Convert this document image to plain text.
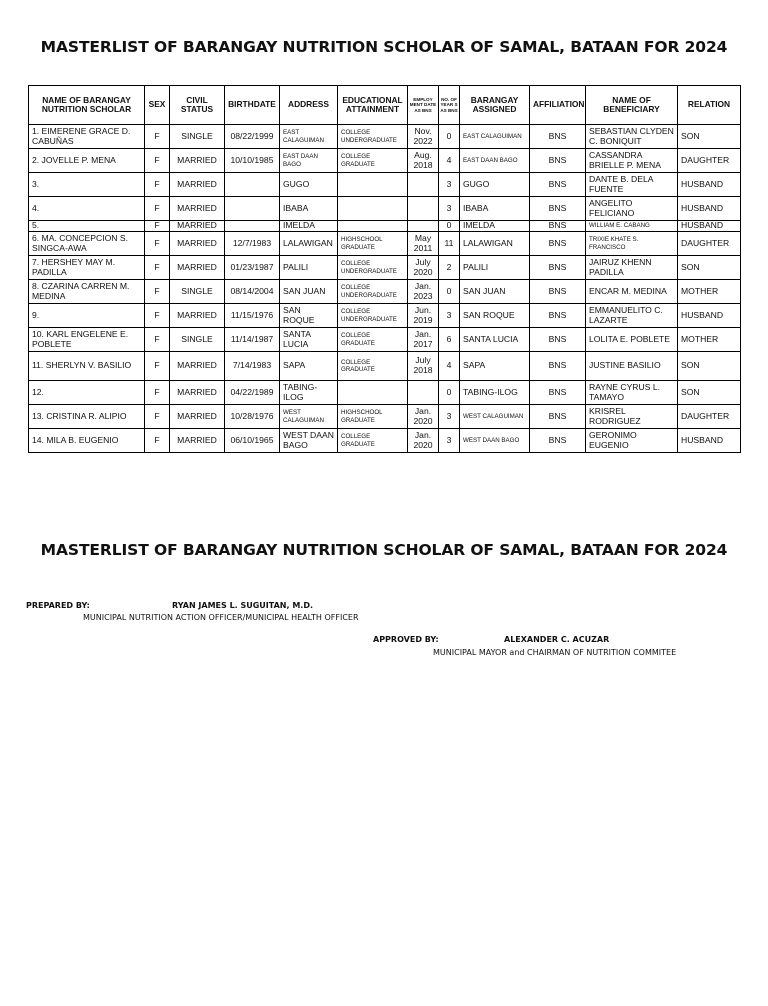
MASTERLIST OF BARANGAY NUTRITION SCHOLAR OF SAMAL, BATAAN FOR 2024
NAME OF BARANGAY NUTRITION SCHOLAR	SEX	CIVIL STATUS	BIRTHDATE	ADDRESS	EDUCATIONAL ATTAINMENT	EMPLOY MENT DATE AS BNS	NO. OF YEAR S AS BNS	BARANGAY ASSIGNED	AFFILIATION	NAME OF BENEFICIARY	RELATION
1. EIMERENE GRACE D. CABUÑAS	F	SINGLE	08/22/1999	EAST CALAGUIMAN	COLLEGE UNDERGRADUATE	Nov. 2022	0	EAST CALAGUIMAN	BNS	SEBASTIAN CLYDEN C. BONIQUIT	SON
2. JOVELLE P. MENA	F	MARRIED	10/10/1985	EAST DAAN BAGO	COLLEGE GRADUATE	Aug. 2018	4	EAST DAAN BAGO	BNS	CASSANDRA BRIELLE P. MENA	DAUGHTER
3.	F	MARRIED		GUGO			3	GUGO	BNS	DANTE B. DELA FUENTE	HUSBAND
4.	F	MARRIED		IBABA			3	IBABA	BNS	ANGELITO FELICIANO	HUSBAND
5.	F	MARRIED		IMELDA			0	IMELDA	BNS	WILLIAM E. CABANG	HUSBAND
6. MA. CONCEPCION S. SINGCA-AWA	F	MARRIED	12/7/1983	LALAWIGAN	HIGHSCHOOL GRADUATE	May 2011	11	LALAWIGAN	BNS	TRIXIE KHATE S. FRANCISCO	DAUGHTER
7. HERSHEY MAY M. PADILLA	F	MARRIED	01/23/1987	PALILI	COLLEGE UNDERGRADUATE	July 2020	2	PALILI	BNS	JAIRUZ KHENN PADILLA	SON
8. CZARINA CARREN M. MEDINA	F	SINGLE	08/14/2004	SAN JUAN	COLLEGE UNDERGRADUATE	Jan. 2023	0	SAN JUAN	BNS	ENCAR M. MEDINA	MOTHER
9.	F	MARRIED	11/15/1976	SAN ROQUE	COLLEGE UNDERGRADUATE	Jun. 2019	3	SAN ROQUE	BNS	EMMANUELITO C. LAZARTE	HUSBAND
10. KARL ENGELENE E. POBLETE	F	SINGLE	11/14/1987	SANTA LUCIA	COLLEGE GRADUATE	Jan. 2017	6	SANTA LUCIA	BNS	LOLITA E. POBLETE	MOTHER
11. SHERLYN V. BASILIO	F	MARRIED	7/14/1983	SAPA	COLLEGE GRADUATE	July 2018	4	SAPA	BNS	JUSTINE BASILIO	SON
12.	F	MARRIED	04/22/1989	TABING-ILOG			0	TABING-ILOG	BNS	RAYNE CYRUS L. TAMAYO	SON
13. CRISTINA R. ALIPIO	F	MARRIED	10/28/1976	WEST CALAGUIMAN	HIGHSCHOOL GRADUATE	Jan. 2020	3	WEST CALAGUIMAN	BNS	KRISREL RODRIGUEZ	DAUGHTER
14. MILA B. EUGENIO	F	MARRIED	06/10/1965	WEST DAAN BAGO	COLLEGE GRADUATE	Jan. 2020	3	WEST DAAN BAGO	BNS	GERONIMO EUGENIO	HUSBAND
MASTERLIST OF BARANGAY NUTRITION SCHOLAR OF SAMAL, BATAAN FOR 2024
PREPARED BY:	RYAN JAMES L. SUGUITAN, M.D.
MUNICIPAL NUTRITION ACTION OFFICER/MUNICIPAL HEALTH OFFICER
APPROVED BY:	ALEXANDER C. ACUZAR
MUNICIPAL MAYOR and CHAIRMAN OF NUTRITION COMMITEE
